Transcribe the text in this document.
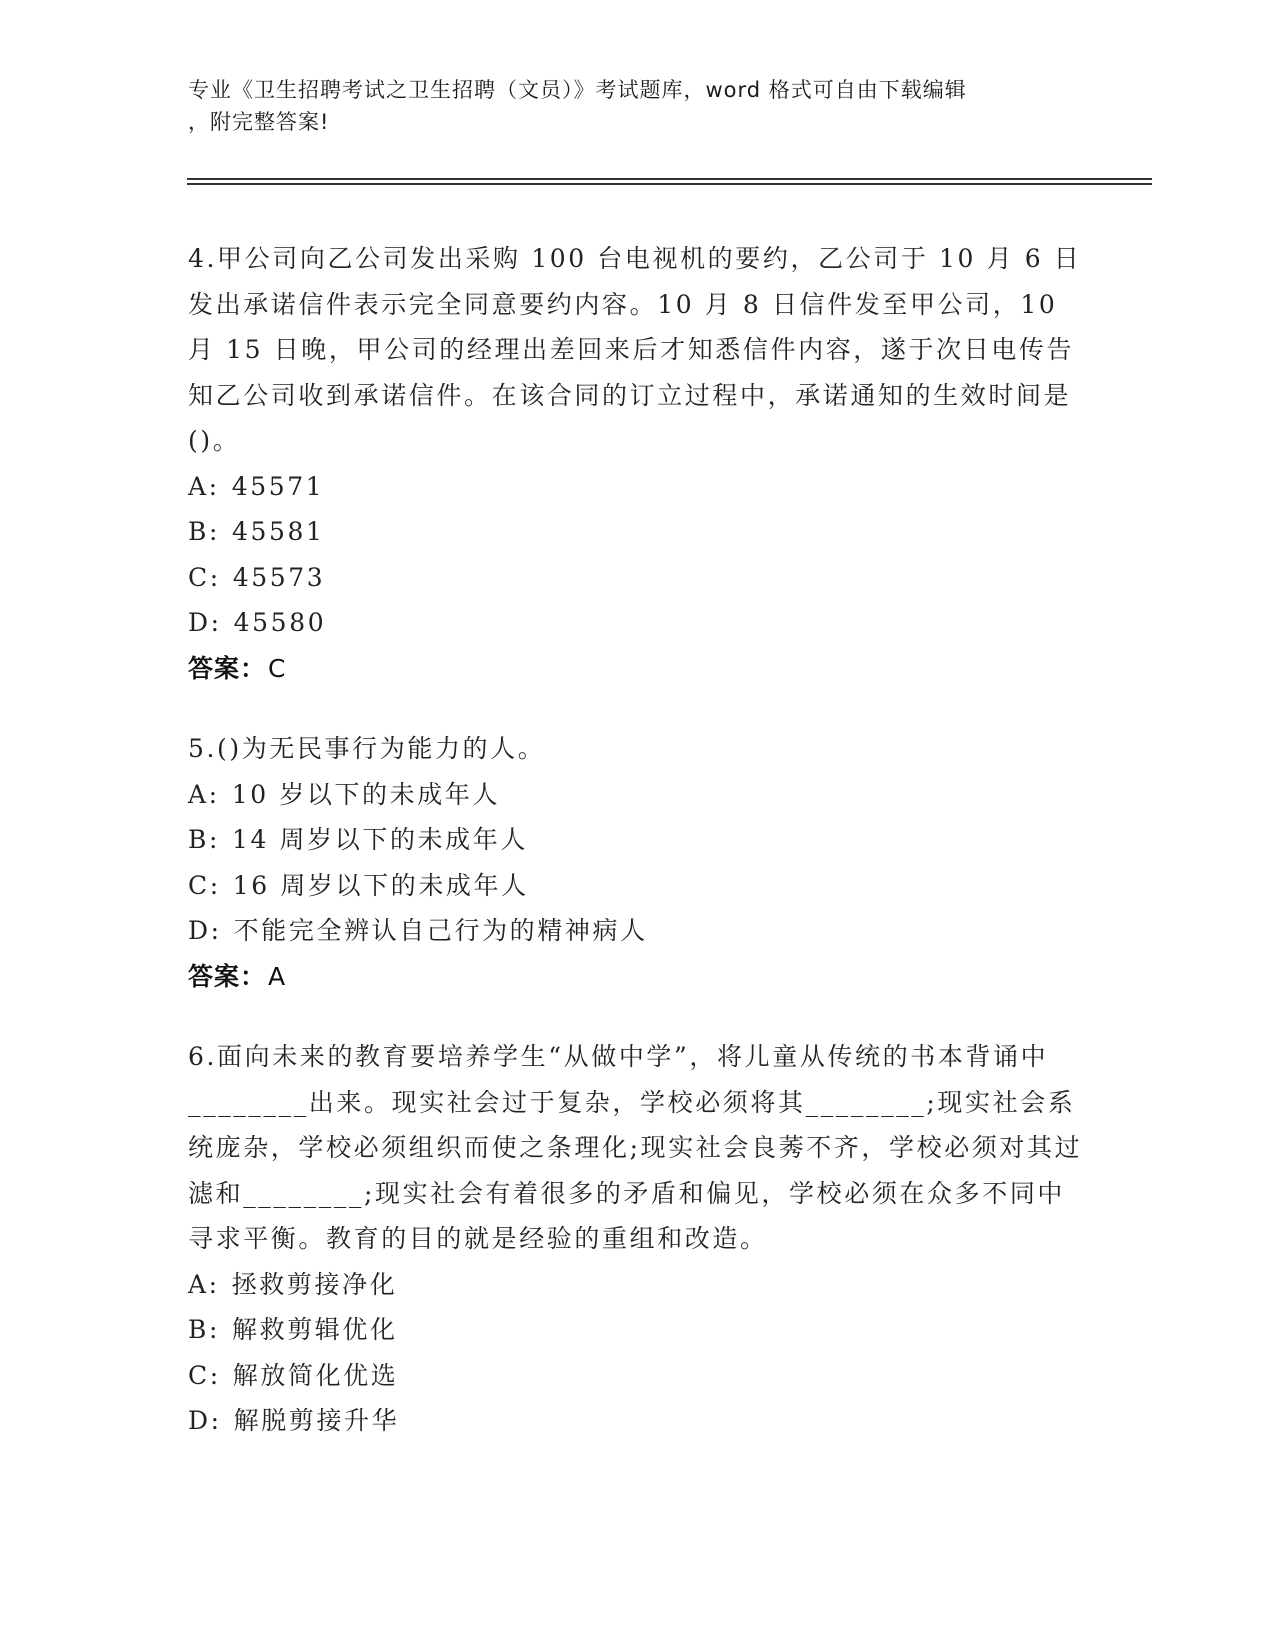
专业《卫生招聘考试之卫生招聘（文员）》考试题库，word 格式可自由下载编辑
，附完整答案!
4.甲公司向乙公司发出采购 100 台电视机的要约，乙公司于 10 月 6 日发出承诺信件表示完全同意要约内容。10 月 8 日信件发至甲公司，10 月 15 日晚，甲公司的经理出差回来后才知悉信件内容，遂于次日电传告知乙公司收到承诺信件。在该合同的订立过程中，承诺通知的生效时间是()。
A: 45571
B: 45581
C: 45573
D: 45580
答案：C
5.()为无民事行为能力的人。
A: 10 岁以下的未成年人
B: 14 周岁以下的未成年人
C: 16 周岁以下的未成年人
D: 不能完全辨认自己行为的精神病人
答案：A
6.面向未来的教育要培养学生“从做中学”，将儿童从传统的书本背诵中________出来。现实社会过于复杂，学校必须将其________;现实社会系统庞杂，学校必须组织而使之条理化;现实社会良莠不齐，学校必须对其过滤和________;现实社会有着很多的矛盾和偏见，学校必须在众多不同中寻求平衡。教育的目的就是经验的重组和改造。
A: 拯救剪接净化
B: 解救剪辑优化
C: 解放简化优选
D: 解脱剪接升华
